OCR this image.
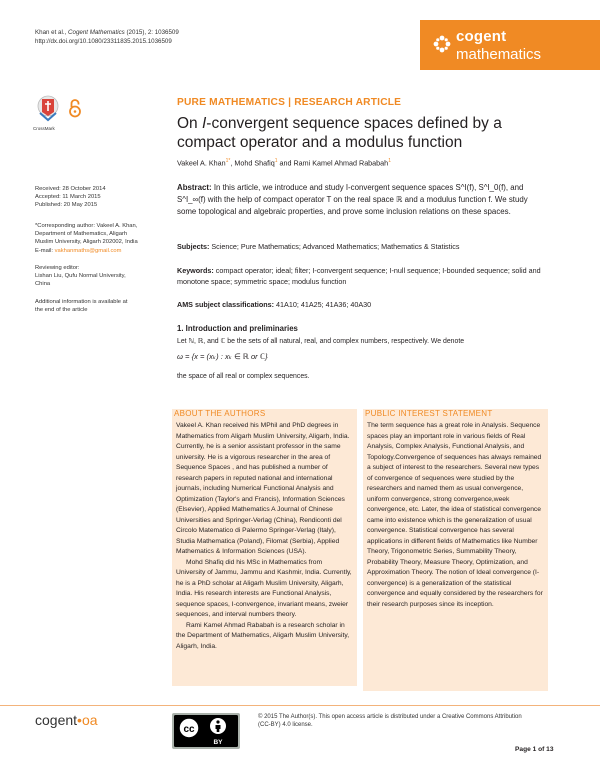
Khan et al., Cogent Mathematics (2015), 2: 1036509
http://dx.doi.org/10.1080/23311835.2015.1036509	cogent
mathematics
CrossMark
PURE MATHEMATICS | RESEARCH ARTICLE
On I-convergent sequence spaces defined by a compact operator and a modulus function
Vakeel A. Khan$^{1*}$, Mohd Shafiq$^1$ and Rami Kamel Ahmad Rababah$^1$
Received: 28 October 2014
Accepted: 11 March 2015
Published: 20 May 2015
*Corresponding author: Vakeel A. Khan,
Department of Mathematics, Aligarh
Muslim University, Aligarh 202002, India
E-mail: vakhanmaths@gmail.com
Reviewing editor:
Lishan Liu, Qufu Normal University,
China
Additional information is available at
the end of the article
Abstract: In this article, we introduce and study I-convergent sequence spaces S^I(f), S^I_0(f), and S^I_∞(f) with the help of compact operator T on the real space ℝ and a modulus function f. We study some topological and algebraic properties, and prove some inclusion relations on these spaces.
Subjects: Science; Pure Mathematics; Advanced Mathematics; Mathematics & Statistics
Keywords: compact operator; ideal; filter; I-convergent sequence; I-null sequence; I-bounded sequence; solid and monotone space; symmetric space; modulus function
AMS subject classifications: 41A10; 41A25; 41A36; 40A30
1. Introduction and preliminaries
Let ℕ, ℝ, and ℂ be the sets of all natural, real, and complex numbers, respectively. We denote
ω = {x = (xₖ) : xₖ ∈ ℝ or ℂ}
the space of all real or complex sequences.
ABOUT THE AUTHORS

Vakeel A. Khan received his MPhil and PhD degrees in Mathematics from Aligarh Muslim University, Aligarh, India. Currently, he is a senior assistant professor in the same university. He is a vigorous researcher in the area of Sequence Spaces , and has published a number of research papers in reputed national and international journals, including Numerical Functional Analysis and Optimization (Taylor's and Francis), Information Sciences (Elsevier), Applied Mathematics A Journal of Chinese Universities and Springer-Verlag (China), Rendiconti del Circolo Matematico di Palermo Springer-Verlag (Italy), Studia Mathematica (Poland), Filomat (Serbia), Applied Mathematics & Information Sciences (USA).

Mohd Shafiq did his MSc in Mathematics from University of Jammu, Jammu and Kashmir, India. Currently, he is a PhD scholar at Aligarh Muslim University, Aligarh, India. His research interests are Functional Analysis, sequence spaces, I-convergence, invariant means, zweier sequences, and interval numbers theory.

Rami Kamel Ahmad Rababah is a research scholar in the Department of Mathematics, Aligarh Muslim University, Aligarh, India.

PUBLIC INTEREST STATEMENT

The term sequence has a great role in Analysis. Sequence spaces play an important role in various fields of Real Analysis, Complex Analysis, Functional Analysis, and Topology.Convergence of sequences has always remained a subject of interest to the researchers. Several new types of convergence of sequences were studied by the researchers and named them as usual convergence, uniform convergence, strong convergence,week convergence, etc. Later, the idea of statistical convergence came into existence which is the generalization of usual convergence. Statistical convergence has several applications in different fields of Mathematics like Number Theory, Trigonometric Series, Summability Theory, Probability Theory, Measure Theory, Optimization, and Approximation Theory. The notion of Ideal convergence (I-convergence) is a generalization of the statistical convergence and equally considered by the researchers for their research purposes since its inception.

cogent•oa
cc
BY
© 2015 The Author(s). This open access article is distributed under a Creative Commons Attribution
(CC-BY) 4.0 license.
Page 1 of 13
